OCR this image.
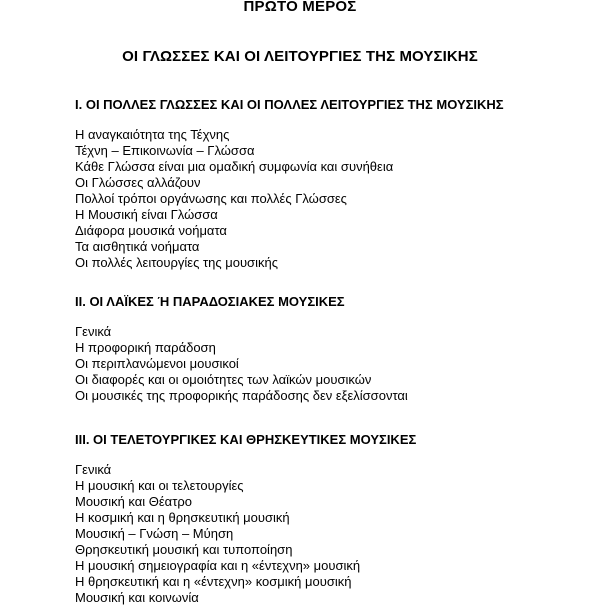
ΠΡΩΤΟ ΜΕΡΟΣ
ΟΙ ΓΛΩΣΣΕΣ ΚΑΙ ΟΙ ΛΕΙΤΟΥΡΓΙΕΣ ΤΗΣ ΜΟΥΣΙΚΗΣ
Ι. ΟΙ ΠΟΛΛΕΣ ΓΛΩΣΣΕΣ ΚΑΙ ΟΙ ΠΟΛΛΕΣ ΛΕΙΤΟΥΡΓΙΕΣ ΤΗΣ ΜΟΥΣΙΚΗΣ
Η αναγκαιότητα της Τέχνης
Τέχνη – Επικοινωνία – Γλώσσα
Κάθε Γλώσσα είναι μια ομαδική συμφωνία και συνήθεια
Οι Γλώσσες αλλάζουν
Πολλοί τρόποι οργάνωσης και πολλές Γλώσσες
Η Μουσική είναι Γλώσσα
Διάφορα μουσικά νοήματα
Τα αισθητικά νοήματα
Οι πολλές λειτουργίες της μουσικής
ΙΙ. ΟΙ ΛΑΪΚΕΣ Ή ΠΑΡΑΔΟΣΙΑΚΕΣ ΜΟΥΣΙΚΕΣ
Γενικά
Η προφορική παράδοση
Οι περιπλανώμενοι μουσικοί
Οι διαφορές και οι ομοιότητες των λαϊκών μουσικών
Οι μουσικές της προφορικής παράδοσης δεν εξελίσσονται
ΙΙΙ. ΟΙ ΤΕΛΕΤΟΥΡΓΙΚΕΣ ΚΑΙ ΘΡΗΣΚΕΥΤΙΚΕΣ ΜΟΥΣΙΚΕΣ
Γενικά
Η μουσική και οι τελετουργίες
Μουσική και Θέατρο
Η κοσμική και η θρησκευτική μουσική
Μουσική – Γνώση – Μύηση
Θρησκευτική μουσική και τυποποίηση
Η μουσική σημειογραφία και η «έντεχνη» μουσική
Η θρησκευτική και η «έντεχνη» κοσμική μουσική
Μουσική και κοινωνία
